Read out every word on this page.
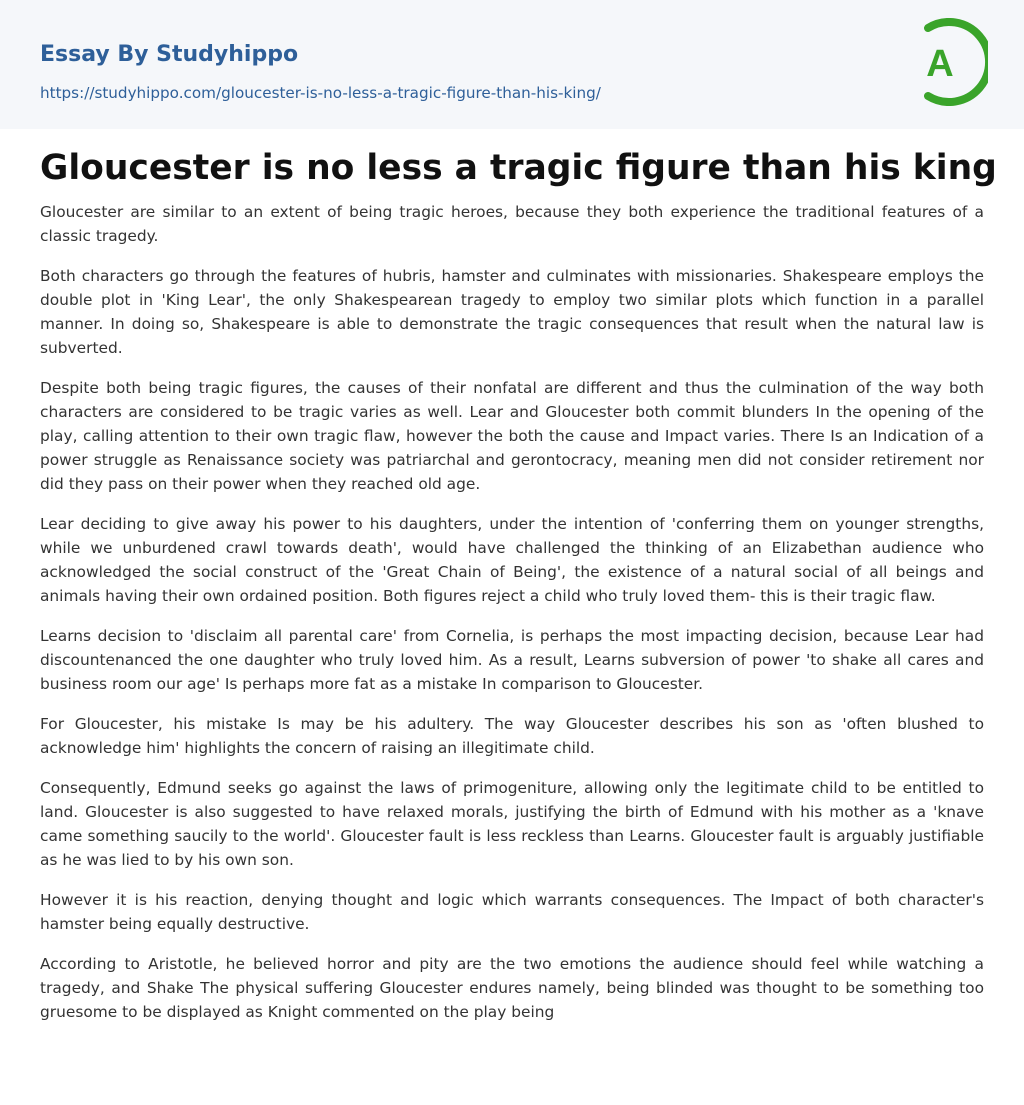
Essay By Studyhippo
https://studyhippo.com/gloucester-is-no-less-a-tragic-figure-than-his-king/
A
Gloucester is no less a tragic figure than his king

Gloucester are similar to an extent of being tragic heroes, because they both experience the traditional features of a classic tragedy.

Both characters go through the features of hubris, hamster and culminates with missionaries. Shakespeare employs the double plot in 'King Lear', the only Shakespearean tragedy to employ two similar plots which function in a parallel manner. In doing so, Shakespeare is able to demonstrate the tragic consequences that result when the natural law is subverted.

Despite both being tragic figures, the causes of their nonfatal are different and thus the culmination of the way both characters are considered to be tragic varies as well. Lear and Gloucester both commit blunders In the opening of the play, calling attention to their own tragic flaw, however the both the cause and Impact varies. There Is an Indication of a power struggle as Renaissance society was patriarchal and gerontocracy, meaning men did not consider retirement nor did they pass on their power when they reached old age.

Lear deciding to give away his power to his daughters, under the intention of 'conferring them on younger strengths, while we unburdened crawl towards death', would have challenged the thinking of an Elizabethan audience who acknowledged the social construct of the 'Great Chain of Being', the existence of a natural social of all beings and animals having their own ordained position. Both figures reject a child who truly loved them- this is their tragic flaw.

Learns decision to 'disclaim all parental care' from Cornelia, is perhaps the most impacting decision, because Lear had discountenanced the one daughter who truly loved him. As a result, Learns subversion of power 'to shake all cares and business room our age' Is perhaps more fat as a mistake In comparison to Gloucester.

For Gloucester, his mistake Is may be his adultery. The way Gloucester describes his son as 'often blushed to acknowledge him' highlights the concern of raising an illegitimate child.

Consequently, Edmund seeks go against the laws of primogeniture, allowing only the legitimate child to be entitled to land. Gloucester is also suggested to have relaxed morals, justifying the birth of Edmund with his mother as a 'knave came something saucily to the world'. Gloucester fault is less reckless than Learns. Gloucester fault is arguably justifiable as he was lied to by his own son.

However it is his reaction, denying thought and logic which warrants consequences. The Impact of both character's hamster being equally destructive.

According to Aristotle, he believed horror and pity are the two emotions the audience should feel while watching a tragedy, and Shake The physical suffering Gloucester endures namely, being blinded was thought to be something too gruesome to be displayed as Knight commented on the play being
